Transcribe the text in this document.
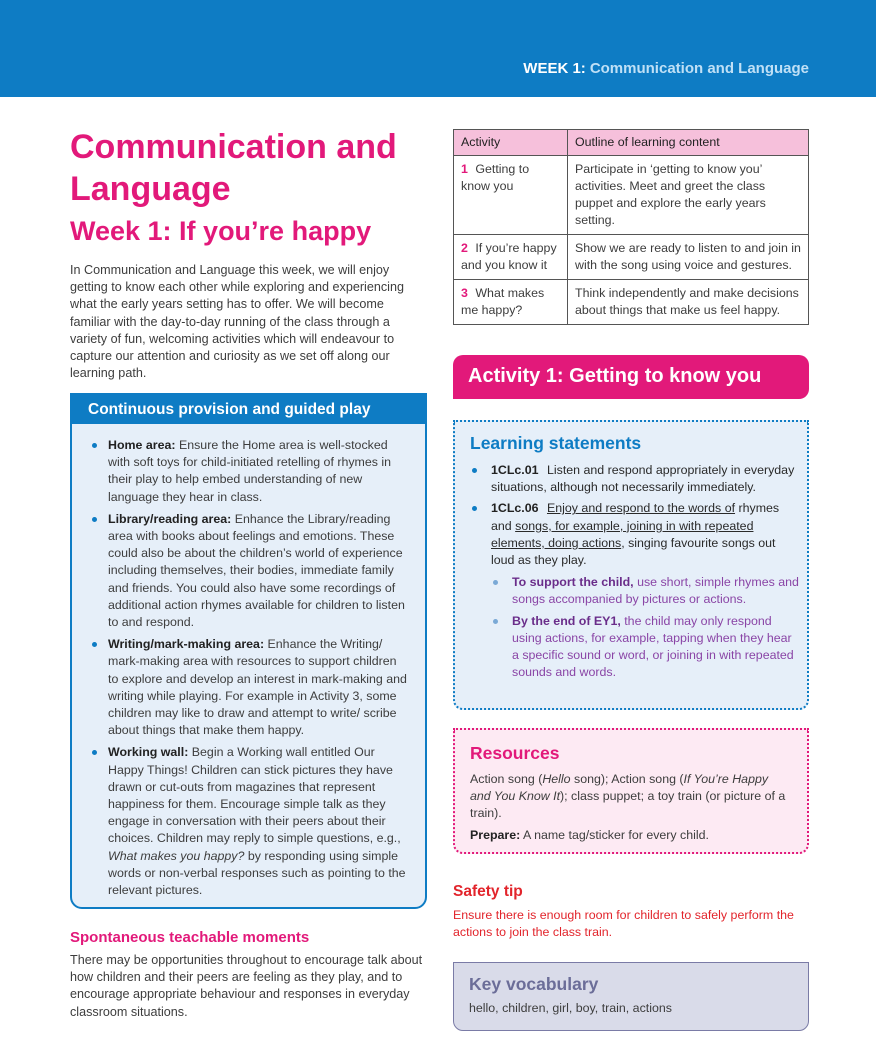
WEEK 1: Communication and Language
Communication and Language
Week 1: If you’re happy

In Communication and Language this week, we will enjoy getting to know each other while exploring and experiencing what the early years setting has to offer. We will become familiar with the day-to-day running of the class through a variety of fun, welcoming activities which will endeavour to capture our attention and curiosity as we set off along our learning path.

Continuous provision and guided play
Home area: Ensure the Home area is well-stocked with soft toys for child-initiated retelling of rhymes in their play to help embed understanding of new language they hear in class.
Library/reading area: Enhance the Library/reading area with books about feelings and emotions. These could also be about the children’s world of experience including themselves, their bodies, immediate family and friends. You could also have some recordings of additional action rhymes available for children to listen to and respond.
Writing/mark-making area: Enhance the Writing/ mark-making area with resources to support children to explore and develop an interest in mark-making and writing while playing. For example in Activity 3, some children may like to draw and attempt to write/ scribe about things that make them happy.
Working wall: Begin a Working wall entitled Our Happy Things! Children can stick pictures they have drawn or cut-outs from magazines that represent happiness for them. Encourage simple talk as they engage in conversation with their peers about their choices. Children may reply to simple questions, e.g., What makes you happy? by responding using simple words or non-verbal responses such as pointing to the relevant pictures.
Spontaneous teachable moments

There may be opportunities throughout to encourage talk about how children and their peers are feeling as they play, and to encourage appropriate behaviour and responses in everyday classroom situations.

Activity	Outline of learning content
1 Getting to know you	Participate in ‘getting to know you’ activities. Meet and greet the class puppet and explore the early years setting.
2 If you’re happy and you know it	Show we are ready to listen to and join in with the song using voice and gestures.
3 What makes me happy?	Think independently and make decisions about things that make us feel happy.
Activity 1: Getting to know you
Learning statements
1CLc.01 Listen and respond appropriately in everyday situations, although not necessarily immediately.
1CLc.06 Enjoy and respond to the words of rhymes and songs, for example, joining in with repeated elements, doing actions, singing favourite songs out loud as they play.
To support the child, use short, simple rhymes and songs accompanied by pictures or actions.
By the end of EY1, the child may only respond using actions, for example, tapping when they hear a specific sound or word, or joining in with repeated sounds and words.
Resources

Action song (Hello song); Action song (If You’re Happy and You Know It); class puppet; a toy train (or picture of a train).

Prepare: A name tag/sticker for every child.

Safety tip

Ensure there is enough room for children to safely perform the actions to join the class train.

Key vocabulary
hello, children, girl, boy, train, actions
